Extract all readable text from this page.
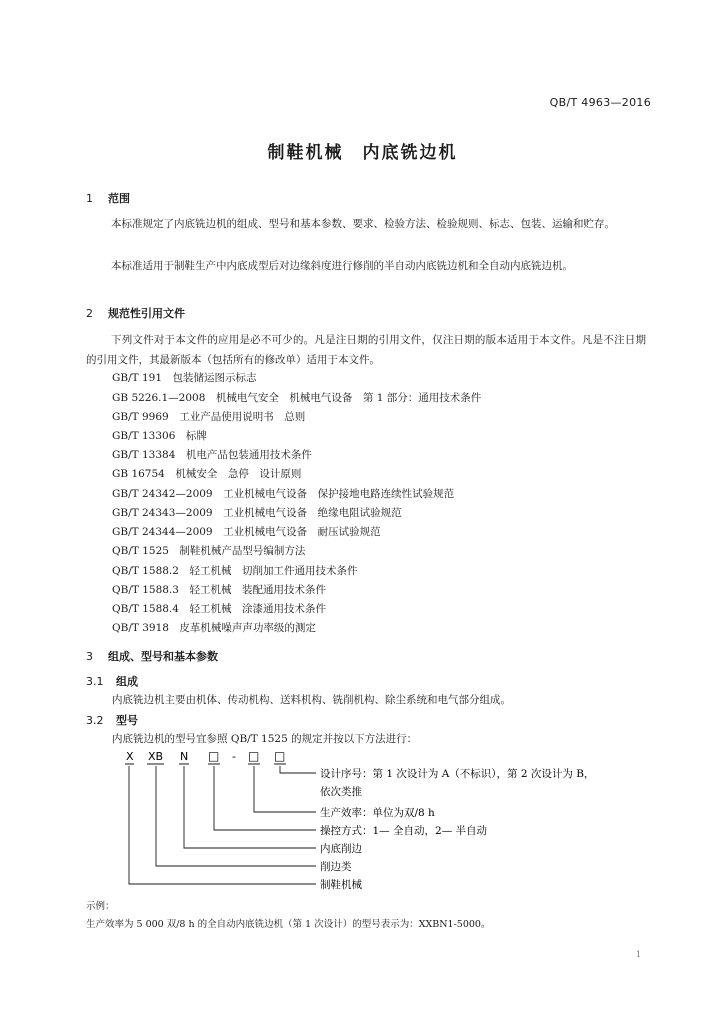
QB/T 4963—2016
制鞋机械　内底铣边机
1 范围
本标准规定了内底铣边机的组成、型号和基本参数、要求、检验方法、检验规则、标志、包装、运输和贮存。
本标准适用于制鞋生产中内底成型后对边缘斜度进行修削的半自动内底铣边机和全自动内底铣边机。
2 规范性引用文件
下列文件对于本文件的应用是必不可少的。凡是注日期的引用文件，仅注日期的版本适用于本文件。凡是不注日期的引用文件，其最新版本（包括所有的修改单）适用于本文件。
GB/T 191　包装储运图示标志
GB 5226.1—2008　机械电气安全　机械电气设备　第 1 部分：通用技术条件
GB/T 9969　工业产品使用说明书　总则
GB/T 13306　标牌
GB/T 13384　机电产品包装通用技术条件
GB 16754　机械安全　急停　设计原则
GB/T 24342—2009　工业机械电气设备　保护接地电路连续性试验规范
GB/T 24343—2009　工业机械电气设备　绝缘电阻试验规范
GB/T 24344—2009　工业机械电气设备　耐压试验规范
QB/T 1525　制鞋机械产品型号编制方法
QB/T 1588.2　轻工机械　切削加工件通用技术条件
QB/T 1588.3　轻工机械　装配通用技术条件
QB/T 1588.4　轻工机械　涂漆通用技术条件
QB/T 3918　皮革机械噪声声功率级的测定
3 组成、型号和基本参数
3.1 组成
内底铣边机主要由机体、传动机构、送料机构、铣削机构、除尘系统和电气部分组成。
3.2 型号
内底铣边机的型号宜参照 QB/T 1525 的规定并按以下方法进行：
X XB N □ - □ □
设计序号：第 1 次设计为 A（不标识），第 2 次设计为 B，
依次类推
生产效率：单位为双/8 h
操控方式：1— 全自动，2— 半自动
内底削边
削边类
制鞋机械
示例：
生产效率为 5 000 双/8 h 的全自动内底铣边机（第 1 次设计）的型号表示为：XXBN1-5000。
1
